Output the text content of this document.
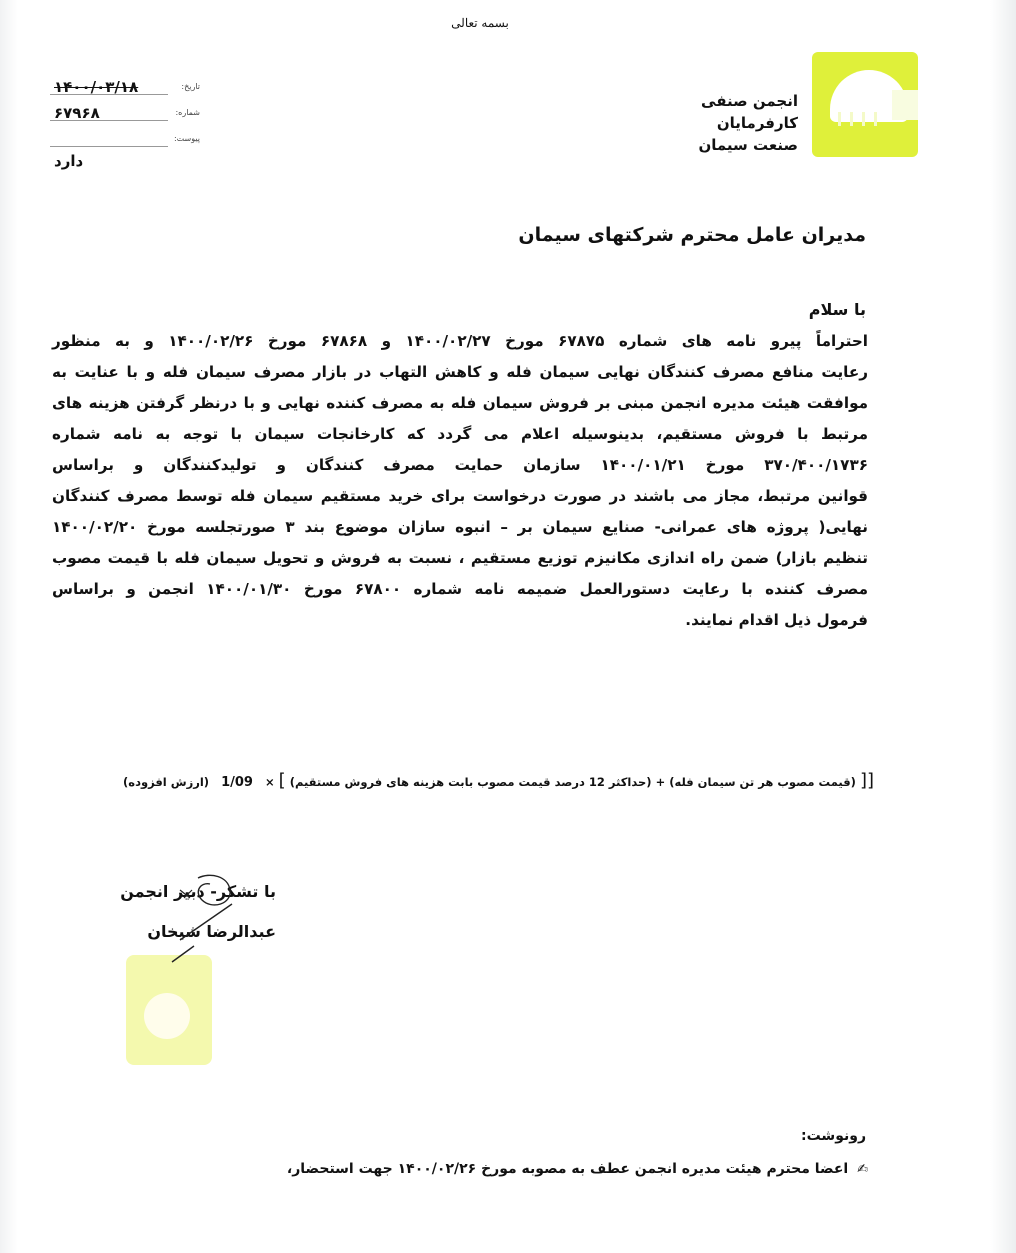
بسمه تعالی
تاریخ:
۱۴۰۰/۰۳/۱۸
شماره:
۶۷۹۶۸
پیوست:
دارد
انجمن صنفی
کارفرمایان
صنعت سیمان
مدیران عامل محترم شرکتهای سیمان
با سلام
احتراماً پیرو نامه های شماره ۶۷۸۷۵ مورخ ۱۴۰۰/۰۲/۲۷ و ۶۷۸۶۸ مورخ ۱۴۰۰/۰۲/۲۶ و به منظور
رعایت منافع مصرف کنندگان نهایی سیمان فله و کاهش التهاب در بازار مصرف سیمان فله و با عنایت به
موافقت هیئت مدیره انجمن مبنی بر فروش سیمان فله به مصرف کننده نهایی و با درنظر گرفتن هزینه های
مرتبط با فروش مستقیم، بدینوسیله اعلام می گردد که کارخانجات سیمان با توجه به نامه شماره
۳۷۰/۴۰۰/۱۷۳۶ مورخ ۱۴۰۰/۰۱/۲۱ سازمان حمایت مصرف کنندگان و تولیدکنندگان و براساس
قوانین مرتبط، مجاز می باشند در صورت درخواست برای خرید مستقیم سیمان فله توسط مصرف کنندگان
نهایی( پروژه های عمرانی- صنایع سیمان بر – انبوه سازان موضوع بند ۳ صورتجلسه مورخ ۱۴۰۰/۰۲/۲۰
تنظیم بازار) ضمن راه اندازی مکانیزم توزیع مستقیم ، نسبت به فروش و تحویل سیمان فله با قیمت مصوب
مصرف کننده با رعایت دستورالعمل ضمیمه نامه شماره ۶۷۸۰۰ مورخ ۱۴۰۰/۰۱/۳۰ انجمن و براساس
فرمول ذیل اقدام نمایند.
[[ (قیمت مصوب هر تن سیمان فله) + (حداکثر 12 درصد قیمت مصوب بابت هزینه های فروش مستقیم) ] × 1/09 (ارزش افزوده)
با تشکر- دبیر انجمن
عبدالرضا شیخان
رونوشت:
✍ اعضا محترم هیئت مدیره انجمن عطف به مصوبه مورخ ۱۴۰۰/۰۲/۲۶ جهت استحضار،
